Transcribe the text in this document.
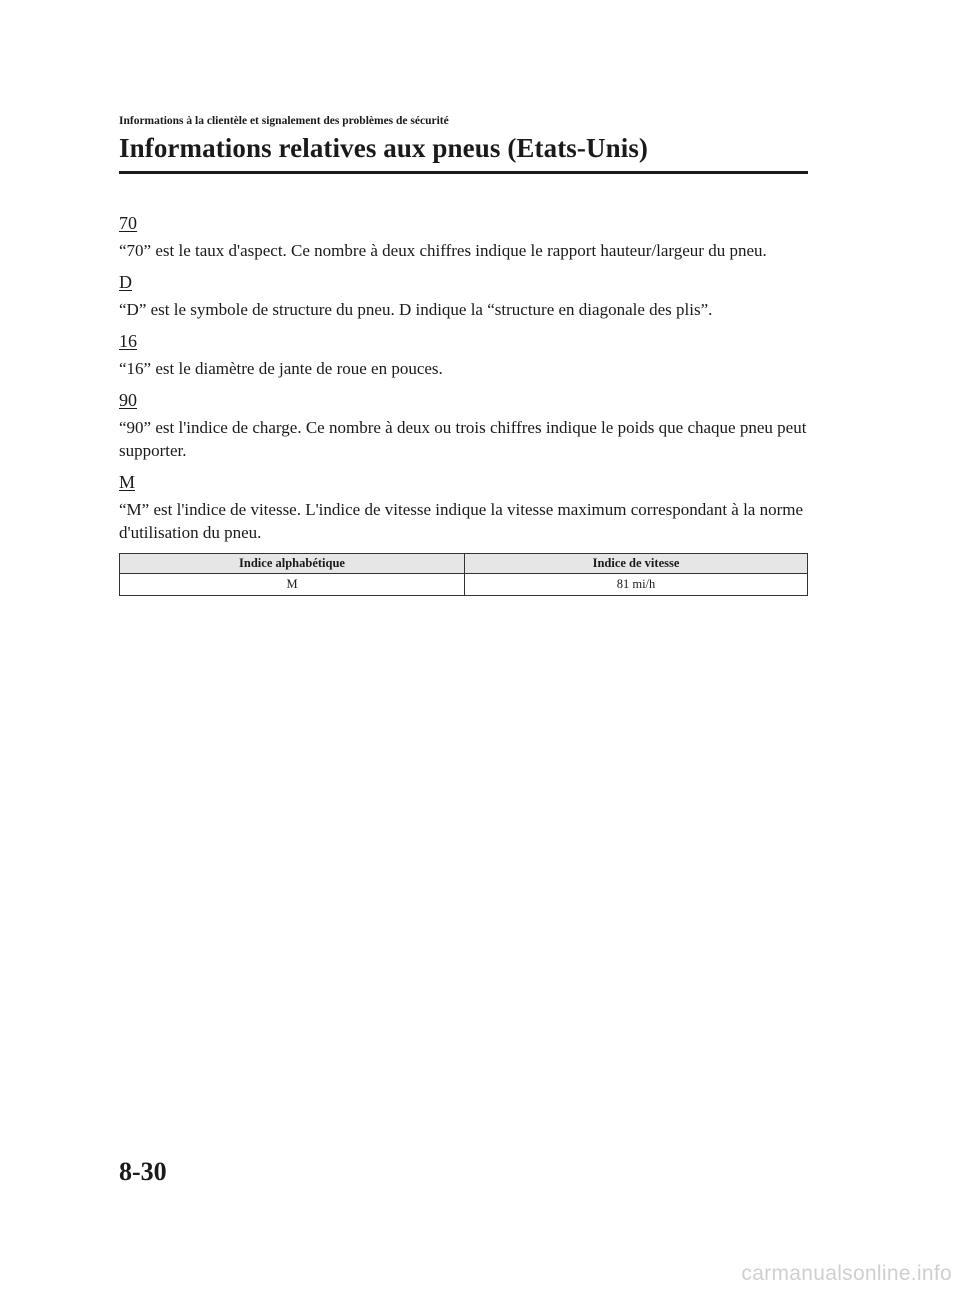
Informations à la clientèle et signalement des problèmes de sécurité
Informations relatives aux pneus (Etats-Unis)

70

“70” est le taux d'aspect. Ce nombre à deux chiffres indique le rapport hauteur/largeur du pneu.

D

“D” est le symbole de structure du pneu. D indique la “structure en diagonale des plis”.

16

“16” est le diamètre de jante de roue en pouces.

90

“90” est l'indice de charge. Ce nombre à deux ou trois chiffres indique le poids que chaque pneu peut supporter.

M

“M” est l'indice de vitesse. L'indice de vitesse indique la vitesse maximum correspondant à la norme d'utilisation du pneu.

Indice alphabétique	Indice de vitesse
M	81 mi/h
8-30
carmanualsonline.info
